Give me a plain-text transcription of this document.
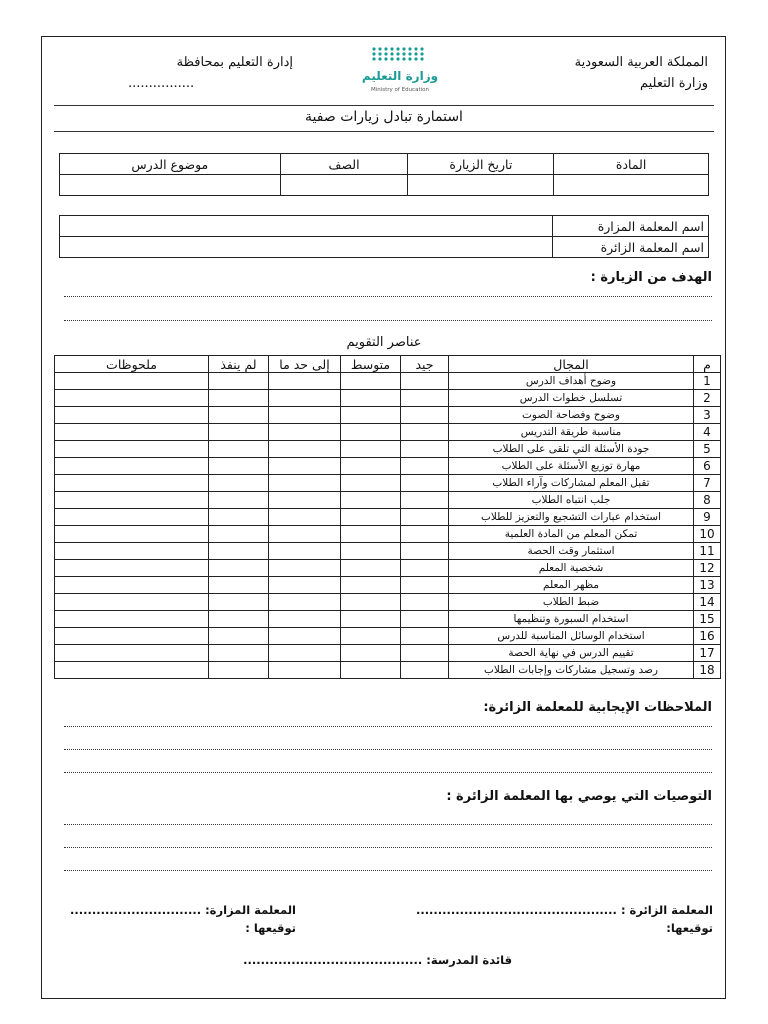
المملكة العربية السعودية
وزارة التعليم
وزارة التعليم
Ministry of Education
إدارة التعليم بمحافظة
................
استمارة تبادل زيارات صفية
المادة	تاريخ الزيارة	الصف	موضوع الدرس

اسم المعلمة المزارة	
اسم المعلمة الزائرة	
الهدف من الزيارة :
عناصر التقويم
م	المجال	جيد	متوسط	إلى حد ما	لم ينفذ	ملحوظات
1	وضوح أهداف الدرس					
2	تسلسل خطوات الدرس					
3	وضوح وفصاحة الصوت					
4	مناسبة طريقة التدريس					
5	جودة الأسئلة التي تلقى على الطلاب					
6	مهارة توزيع الأسئلة على الطلاب					
7	تقبل المعلم لمشاركات وآراء الطلاب					
8	جلب انتباه الطلاب					
9	استخدام عبارات التشجيع والتعزيز للطلاب					
10	تمكن المعلم من المادة العلمية					
11	استثمار وقت الحصة					
12	شخصية المعلم					
13	مظهر المعلم					
14	ضبط الطلاب					
15	استخدام السبورة وتنظيمها					
16	استخدام الوسائل المناسبة للدرس					
17	تقييم الدرس في نهاية الحصة					
18	رصد وتسجيل مشاركات وإجابات الطلاب					
الملاحظات الإيجابية للمعلمة الزائرة:
التوصيات التي يوصي بها المعلمة الزائرة :
المعلمة الزائرة : ..............................................
توقيعها:
المعلمة المزارة: ..............................
توقيعها :
قائدة المدرسة: .........................................
